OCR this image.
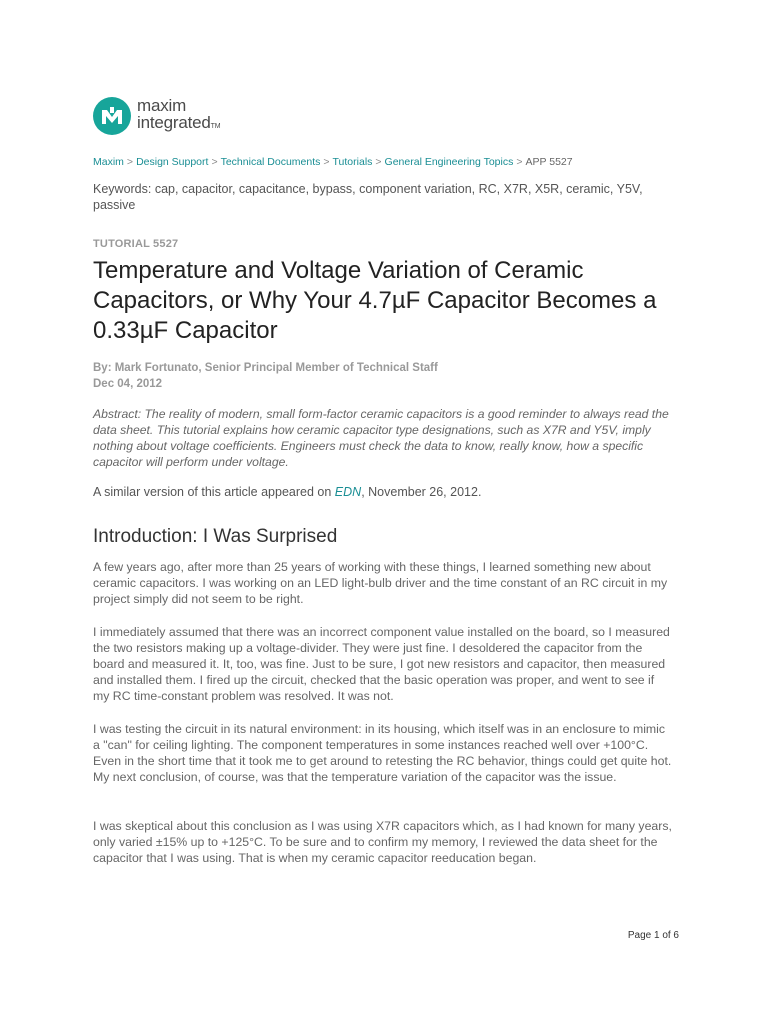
maxim
integratedTM
Maxim > Design Support > Technical Documents > Tutorials > General Engineering Topics > APP 5527
Keywords: cap, capacitor, capacitance, bypass, component variation, RC, X7R, X5R, ceramic, Y5V, passive
TUTORIAL 5527
Temperature and Voltage Variation of Ceramic Capacitors, or Why Your 4.7µF Capacitor Becomes a 0.33µF Capacitor
By: Mark Fortunato, Senior Principal Member of Technical Staff
Dec 04, 2012
Abstract: The reality of modern, small form-factor ceramic capacitors is a good reminder to always read the data sheet. This tutorial explains how ceramic capacitor type designations, such as X7R and Y5V, imply nothing about voltage coefficients. Engineers must check the data to know, really know, how a specific capacitor will perform under voltage.
A similar version of this article appeared on EDN, November 26, 2012.
Introduction: I Was Surprised

A few years ago, after more than 25 years of working with these things, I learned something new about ceramic capacitors. I was working on an LED light-bulb driver and the time constant of an RC circuit in my project simply did not seem to be right.

I immediately assumed that there was an incorrect component value installed on the board, so I measured the two resistors making up a voltage-divider. They were just fine. I desoldered the capacitor from the board and measured it. It, too, was fine. Just to be sure, I got new resistors and capacitor, then measured and installed them. I fired up the circuit, checked that the basic operation was proper, and went to see if my RC time-constant problem was resolved. It was not.

I was testing the circuit in its natural environment: in its housing, which itself was in an enclosure to mimic a "can" for ceiling lighting. The component temperatures in some instances reached well over +100°C. Even in the short time that it took me to get around to retesting the RC behavior, things could get quite hot. My next conclusion, of course, was that the temperature variation of the capacitor was the issue.

I was skeptical about this conclusion as I was using X7R capacitors which, as I had known for many years, only varied ±15% up to +125°C. To be sure and to confirm my memory, I reviewed the data sheet for the capacitor that I was using. That is when my ceramic capacitor reeducation began.

Page 1 of 6
